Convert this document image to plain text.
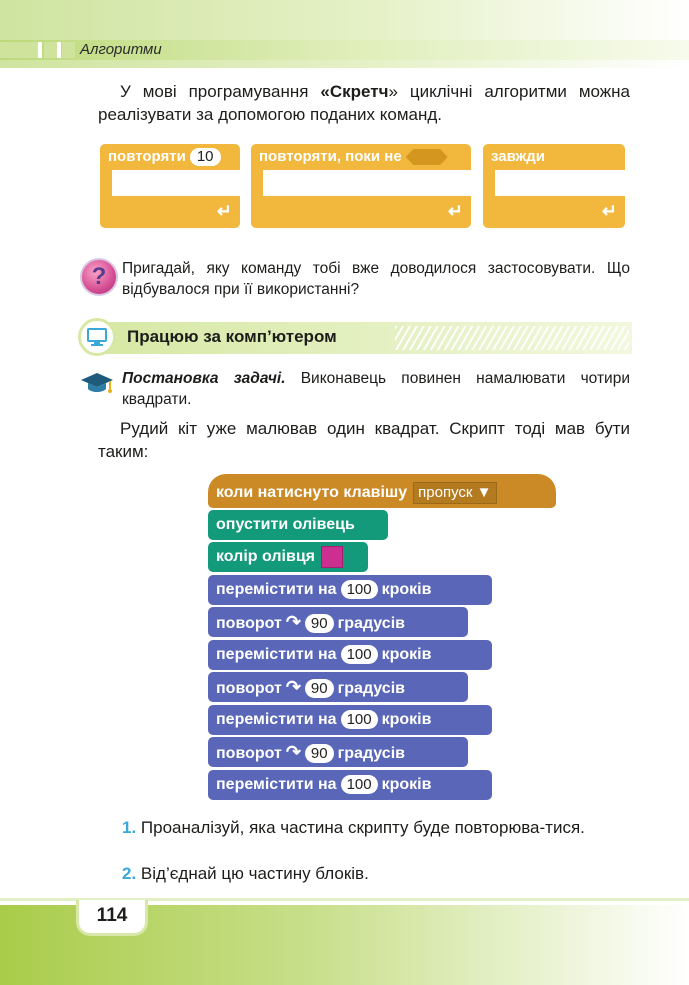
Алгоритми

У мові програмування «Скретч» циклічні алгоритми можна реалізувати за допомогою поданих команд.

повторяти 10
↵
повторяти, поки не
↵
завжди
↵
?	Пригадай, яку команду тобі вже доводилося застосовувати. Що відбувалося при її використанні?

Працюю за комп’ютером

Постановка задачі. Виконавець повинен намалювати чотири квадрати.

Рудий кіт уже малював один квадрат. Скрипт тоді мав бути таким:

коли натиснуто клавішу пропуск ▼
опустити олівець
колір олівця
перемістити на 100 кроків
поворот ↷ 90 градусів
перемістити на 100 кроків
поворот ↷ 90 градусів
перемістити на 100 кроків
поворот ↷ 90 градусів
перемістити на 100 кроків

1. Проаналізуй, яка частина скрипту буде повторюва-тися.

2. Від’єднай цю частину блоків.

114
